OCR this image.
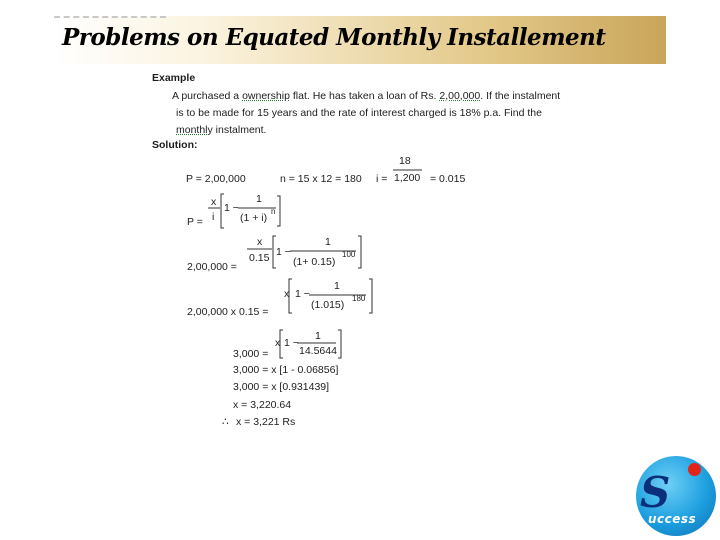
Problems on Equated Monthly Installement
Example
A purchased a ownership flat. He has taken a loan of Rs. 2,00,000. If the instalment
is to be made for 15 years and the rate of interest charged is 18% p.a. Find the
monthly instalment.
Solution:
P = 2,00,000	n = 15 x 12 = 180 i =
18
1,200 = 0.015
P =
x
i
1 −
1
(1 + i)
n
2,00,000 =
x
0.15 1 −
1
(1+ 0.15)
100
2,00,000 x 0.15 =
x 1 −
1
(1.015)
180
3,000 =
x 1 −
1
14.5644
3,000 = x [1 - 0.06856]
3,000 = x [0.931439]
x = 3,220.64
∴ x = 3,221 Rs
S
uccess
